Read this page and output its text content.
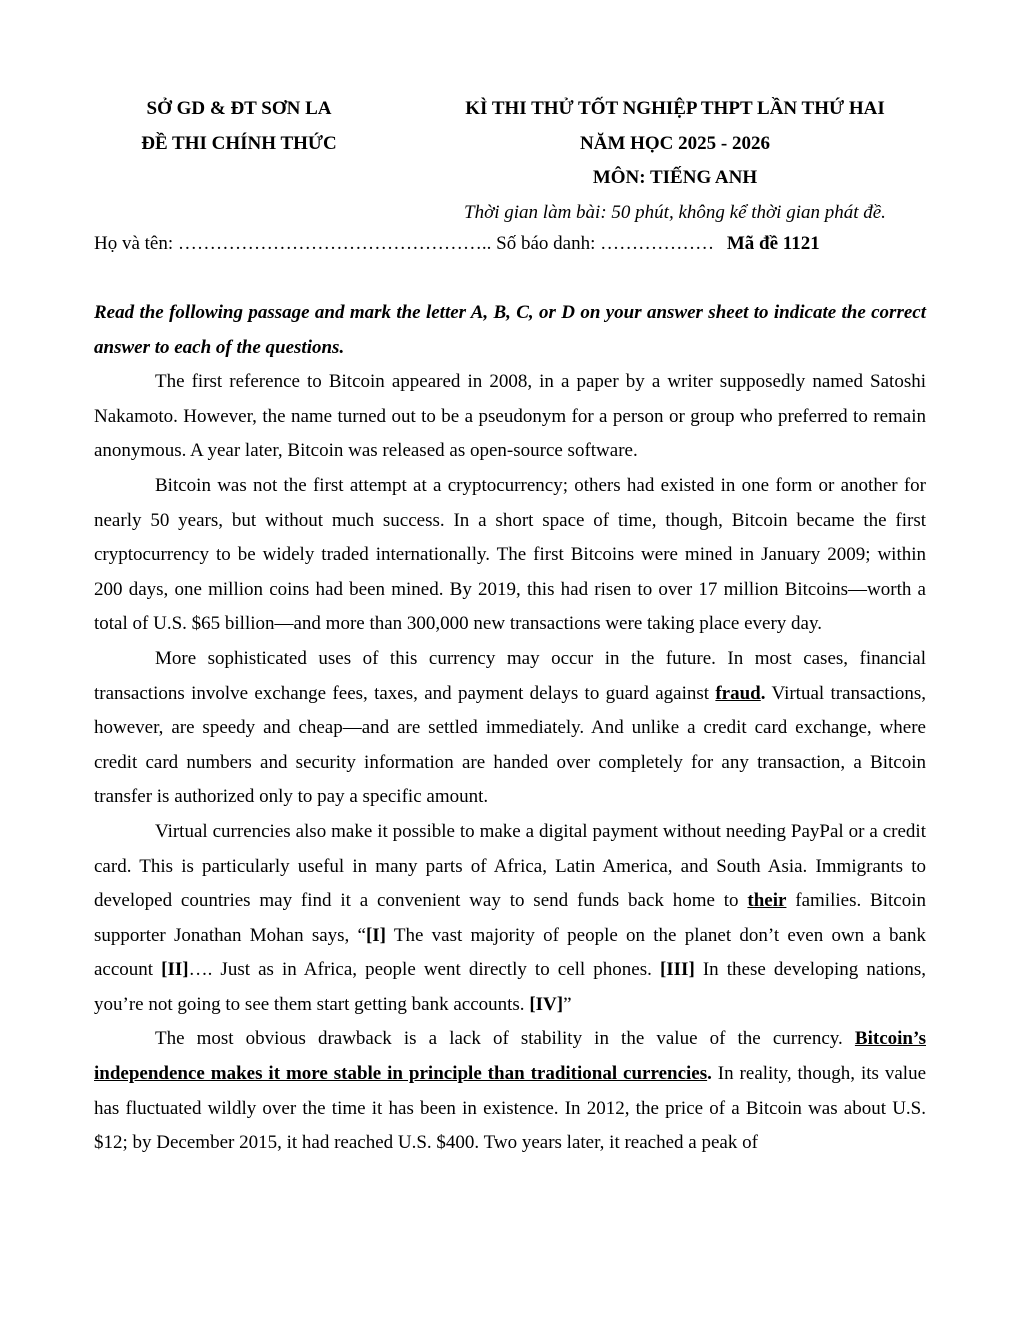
SỞ GD & ĐT SƠN LA
ĐỀ THI CHÍNH THỨC
KÌ THI THỬ TỐT NGHIỆP THPT LẦN THỨ HAI
NĂM HỌC 2025 - 2026
MÔN: TIẾNG ANH
Thời gian làm bài: 50 phút, không kể thời gian phát đề.
Họ và tên: ………………………………………….. Số báo danh: ……………… Mã đề 1121

Read the following passage and mark the letter A, B, C, or D on your answer sheet to indicate the correct answer to each of the questions.

The first reference to Bitcoin appeared in 2008, in a paper by a writer supposedly named Satoshi Nakamoto. However, the name turned out to be a pseudonym for a person or group who preferred to remain anonymous. A year later, Bitcoin was released as open-source software.

Bitcoin was not the first attempt at a cryptocurrency; others had existed in one form or another for nearly 50 years, but without much success. In a short space of time, though, Bitcoin became the first cryptocurrency to be widely traded internationally. The first Bitcoins were mined in January 2009; within 200 days, one million coins had been mined. By 2019, this had risen to over 17 million Bitcoins—worth a total of U.S. $65 billion—and more than 300,000 new transactions were taking place every day.

More sophisticated uses of this currency may occur in the future. In most cases, financial transactions involve exchange fees, taxes, and payment delays to guard against fraud. Virtual transactions, however, are speedy and cheap—and are settled immediately. And unlike a credit card exchange, where credit card numbers and security information are handed over completely for any transaction, a Bitcoin transfer is authorized only to pay a specific amount.

Virtual currencies also make it possible to make a digital payment without needing PayPal or a credit card. This is particularly useful in many parts of Africa, Latin America, and South Asia. Immigrants to developed countries may find it a convenient way to send funds back home to their families. Bitcoin supporter Jonathan Mohan says, “[I] The vast majority of people on the planet don’t even own a bank account [II]…. Just as in Africa, people went directly to cell phones. [III] In these developing nations, you’re not going to see them start getting bank accounts. [IV]”

The most obvious drawback is a lack of stability in the value of the currency. Bitcoin’s independence makes it more stable in principle than traditional currencies. In reality, though, its value has fluctuated wildly over the time it has been in existence. In 2012, the price of a Bitcoin was about U.S. $12; by December 2015, it had reached U.S. $400. Two years later, it reached a peak of
